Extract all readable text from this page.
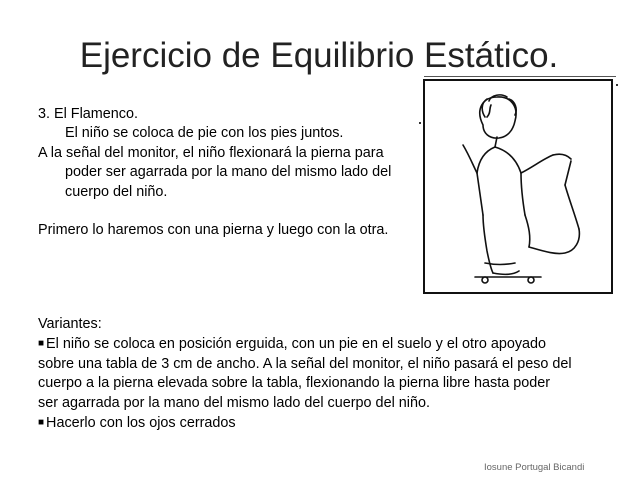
Ejercicio de Equilibrio Estático.
3. El Flamenco.
El niño se coloca de pie con los pies juntos.
A la señal del monitor, el niño flexionará la pierna para
poder ser agarrada por la mano del mismo lado del
cuerpo del niño.
Primero lo haremos con una pierna y luego con la otra.
Variantes:
■ El niño se coloca en posición erguida, con un pie en el suelo y el otro apoyado
sobre una tabla de 3 cm de ancho. A la señal del monitor, el niño pasará el peso del
cuerpo a la pierna elevada sobre la tabla, flexionando la pierna libre hasta poder
ser agarrada por la mano del mismo lado del cuerpo del niño.
■ Hacerlo con los ojos cerrados
Iosune Portugal Bicandi
